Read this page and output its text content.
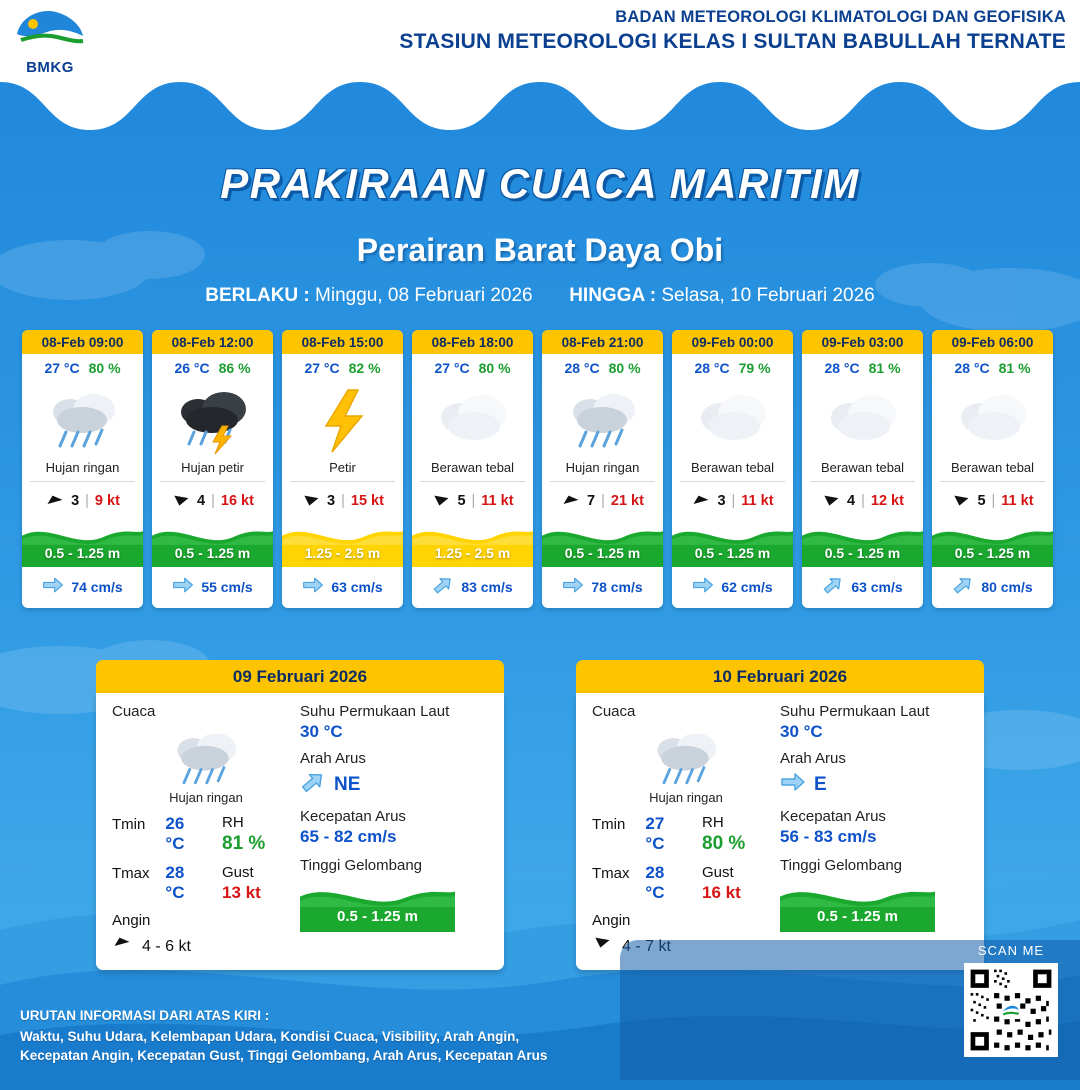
BMKG
BADAN METEOROLOGI KLIMATOLOGI DAN GEOFISIKA
STASIUN METEOROLOGI KELAS I SULTAN BABULLAH TERNATE
PRAKIRAAN CUACA MARITIM
Perairan Barat Daya Obi
BERLAKU : Minggu, 08 Februari 2026 HINGGA : Selasa, 10 Februari 2026
08-Feb 09:00
27 °C 80 %
Hujan ringan
3 | 9 kt
0.5 - 1.25 m
74 cm/s
08-Feb 12:00
26 °C 86 %
Hujan petir
4 | 16 kt
0.5 - 1.25 m
55 cm/s
08-Feb 15:00
27 °C 82 %
Petir
3 | 15 kt
1.25 - 2.5 m
63 cm/s
08-Feb 18:00
27 °C 80 %
Berawan tebal
5 | 11 kt
1.25 - 2.5 m
83 cm/s
08-Feb 21:00
28 °C 80 %
Hujan ringan
7 | 21 kt
0.5 - 1.25 m
78 cm/s
09-Feb 00:00
28 °C 79 %
Berawan tebal
3 | 11 kt
0.5 - 1.25 m
62 cm/s
09-Feb 03:00
28 °C 81 %
Berawan tebal
4 | 12 kt
0.5 - 1.25 m
63 cm/s
09-Feb 06:00
28 °C 81 %
Berawan tebal
5 | 11 kt
0.5 - 1.25 m
80 cm/s
09 Februari 2026
Cuaca
Hujan ringan
Tmin	26 °C
Tmax 28 °C
Angin
4 - 6 kt
RH
81 %
Gust
13 kt
Suhu Permukaan Laut
30 °C
Arah Arus
NE
Kecepatan Arus
65 - 82 cm/s
Tinggi Gelombang
0.5 - 1.25 m
10 Februari 2026
Cuaca
Hujan ringan
Tmin	27 °C
Tmax 28 °C
Angin
RH
80 %
Gust
16 kt
Suhu Permukaan Laut
30 °C
Arah Arus
E
Kecepatan Arus
56 - 83 cm/s
Tinggi Gelombang
0.5 - 1.25 m
URUTAN INFORMASI DARI ATAS KIRI :
Waktu, Suhu Udara, Kelembapan Udara, Kondisi Cuaca, Visibility, Arah Angin,
Kecepatan Angin, Kecepatan Gust, Tinggi Gelombang, Arah Arus, Kecepatan Arus
SCAN ME
